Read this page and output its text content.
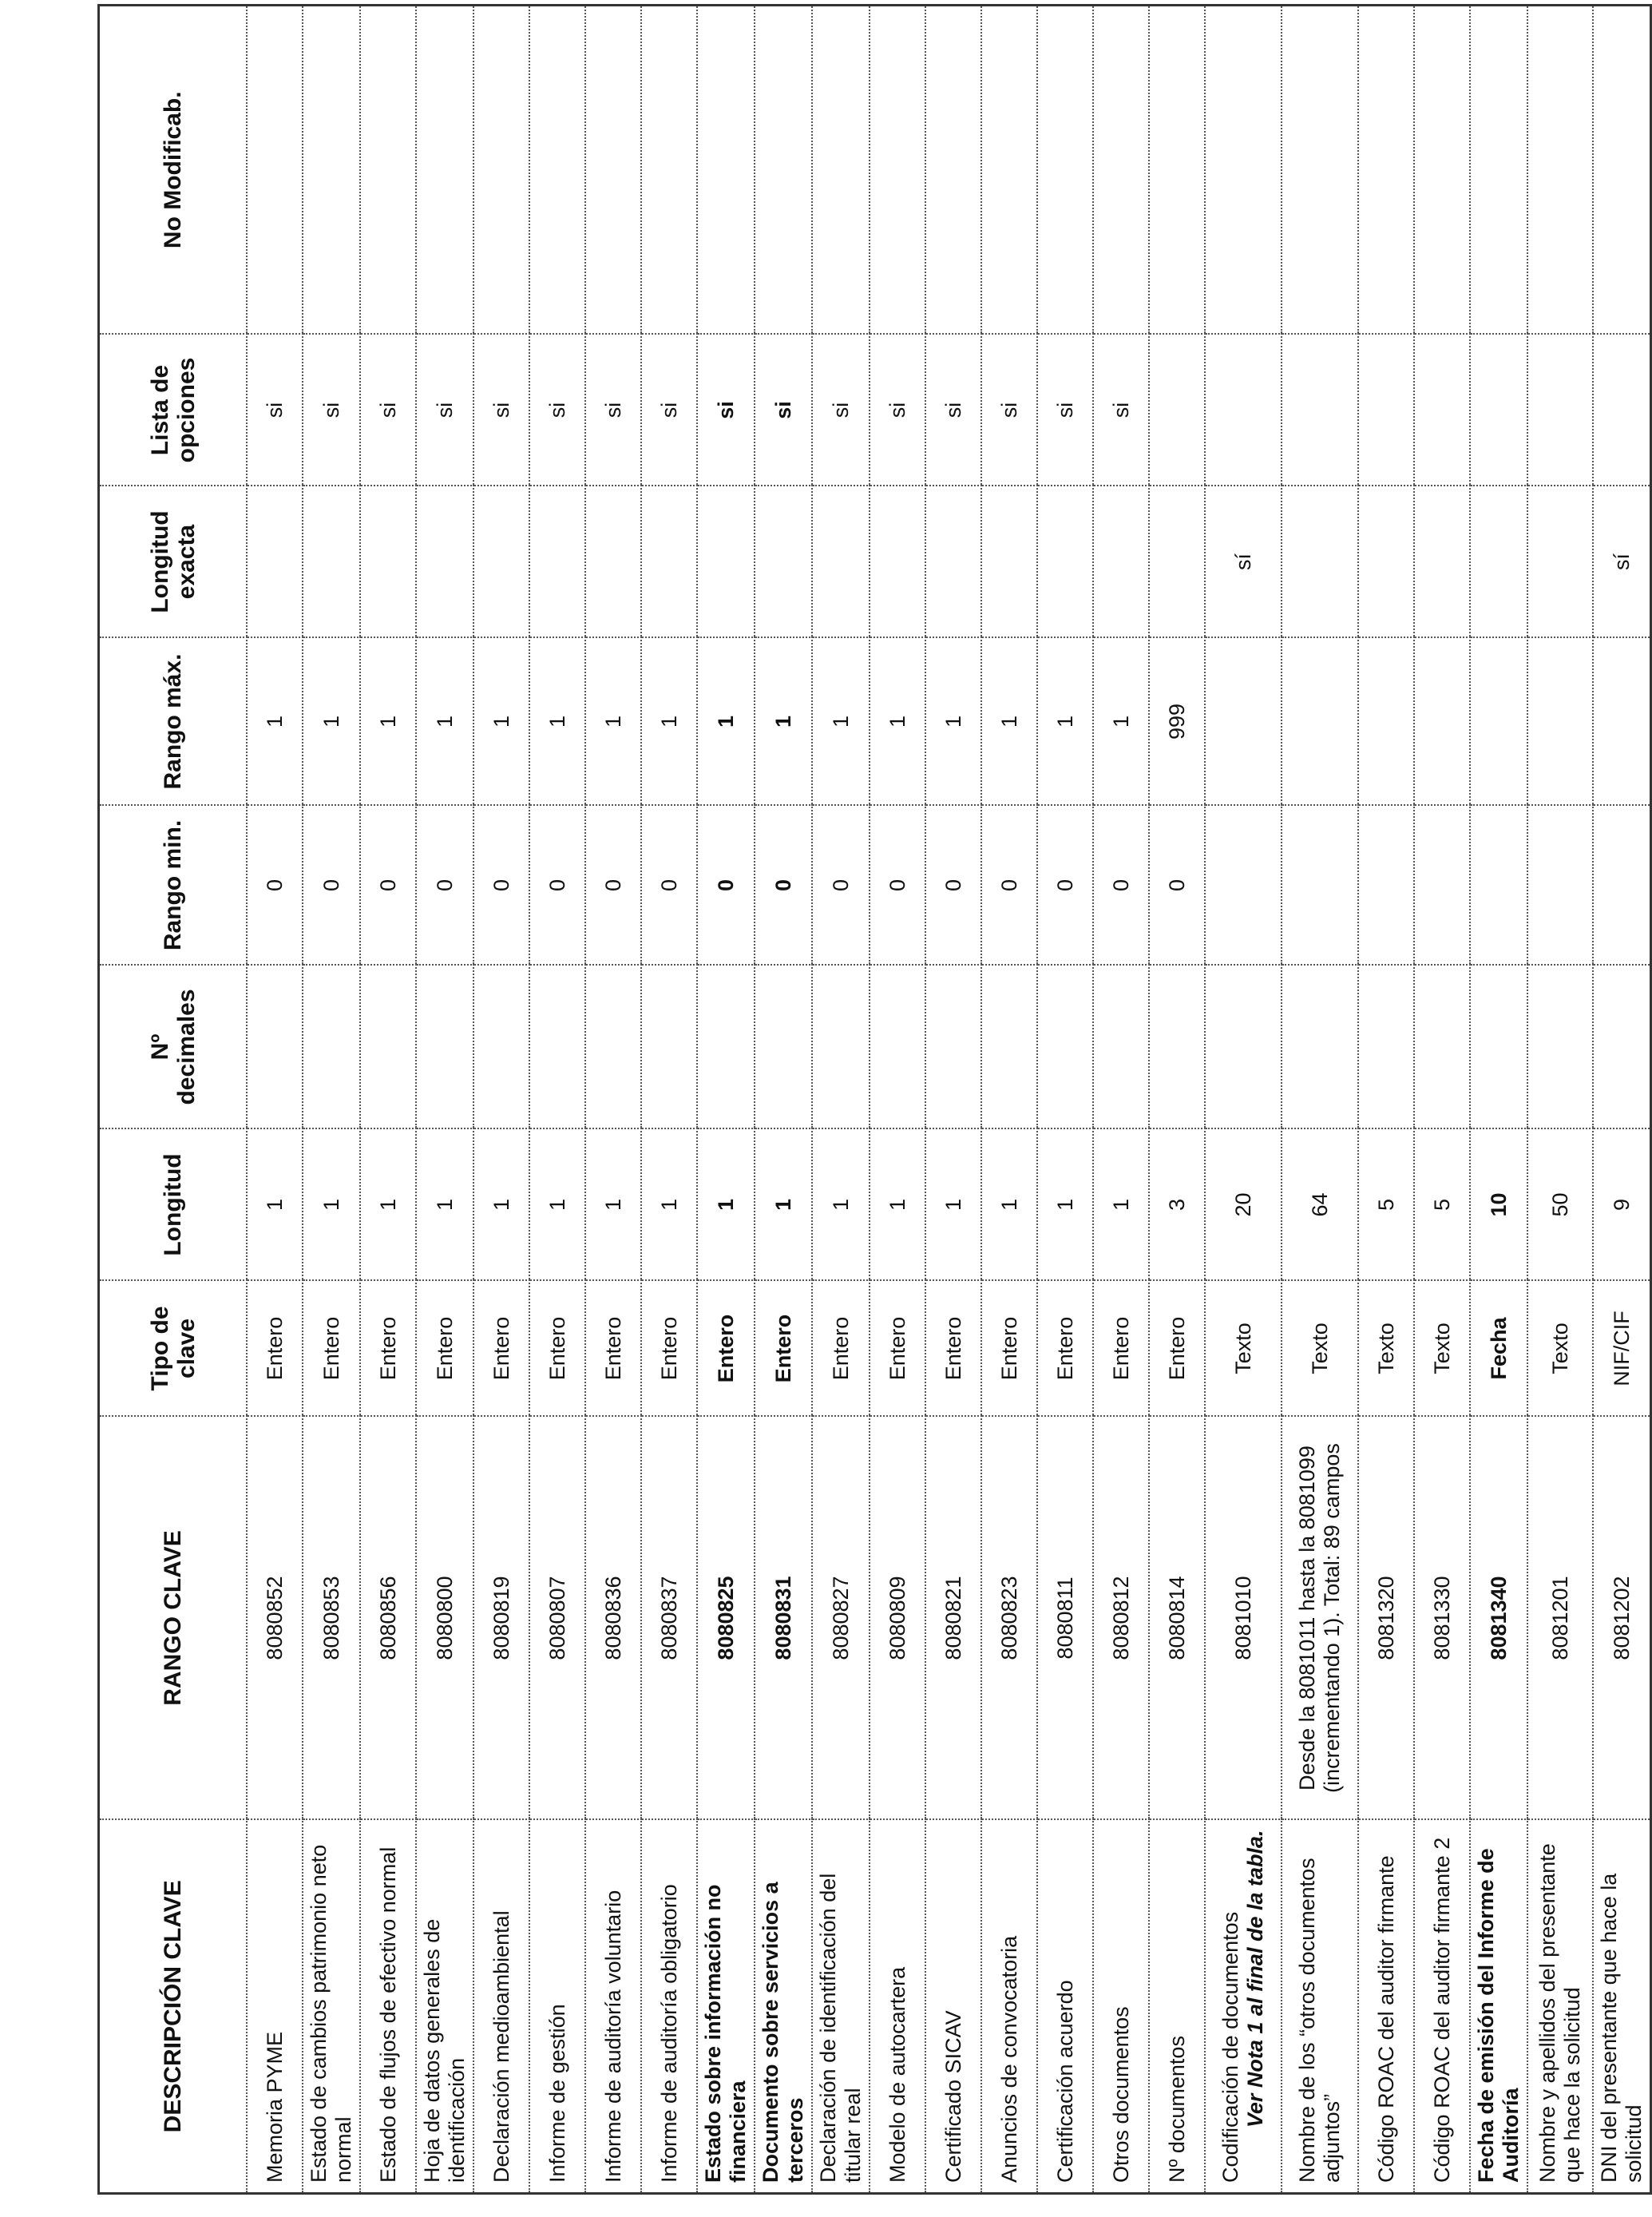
DESCRIPCIÓN CLAVE	RANGO CLAVE	Tipo de clave	Longitud	Nº decimales	Rango min.	Rango máx.	Longitud exacta	Lista de opciones	No Modificab.
Memoria PYME	8080852	Entero	1		0	1		si	
Estado de cambios patrimonio neto normal	8080853	Entero	1		0	1		si	
Estado de flujos de efectivo normal	8080856	Entero	1		0	1		si	
Hoja de datos generales de identificación	8080800	Entero	1		0	1		si	
Declaración medioambiental	8080819	Entero	1		0	1		si	
Informe de gestión	8080807	Entero	1		0	1		si	
Informe de auditoría voluntario	8080836	Entero	1		0	1		si	
Informe de auditoría obligatorio	8080837	Entero	1		0	1		si	
Estado sobre información no financiera	8080825	Entero	1		0	1		si	
Documento sobre servicios a terceros	8080831	Entero	1		0	1		si	
Declaración de identificación del titular real	8080827	Entero	1		0	1		si	
Modelo de autocartera	8080809	Entero	1		0	1		si	
Certificado SICAV	8080821	Entero	1		0	1		si	
Anuncios de convocatoria	8080823	Entero	1		0	1		si	
Certificación acuerdo	8080811	Entero	1		0	1		si	
Otros documentos	8080812	Entero	1		0	1		si	
Nº documentos	8080814	Entero	3		0	999			
Codificación de documentos Ver Nota 1 al final de la tabla.	8081010	Texto	20				sí		
Nombre de los “otros documentos adjuntos”	Desde la 8081011 hasta la 8081099 (incrementando 1). Total: 89 campos	Texto	64						
Código ROAC del auditor firmante	8081320	Texto	5						
Código ROAC del auditor firmante 2	8081330	Texto	5						
Fecha de emisión del Informe de Auditoría	8081340	Fecha	10						
Nombre y apellidos del presentante que hace la solicitud	8081201	Texto	50						
DNI del presentante que hace la solicitud	8081202	NIF/CIF	9				sí		
